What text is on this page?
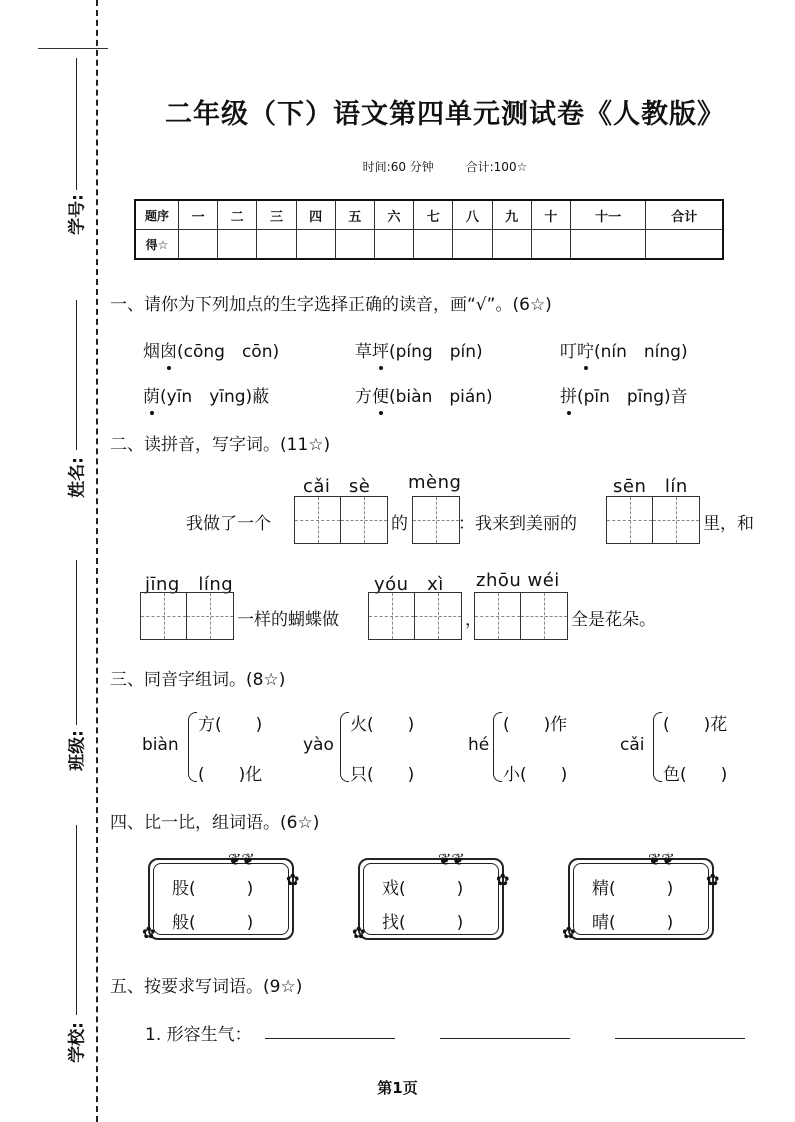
学号:
姓名:
班级:
学校:
二年级（下）语文第四单元测试卷《人教版》
时间:60 分钟	合计:100☆
题序	一	二	三	四	五	六	七	八	九	十	十一	合计
得☆												
一、请你为下列加点的生字选择正确的读音，画“√”。(6☆)
烟囱(cōng　cōn)	草坪(píng　pín)	叮咛(nín　níng)
荫(yīn　yīng)蔽	方便(biàn　pián)	拼(pīn　pīng)音
二、读拼音，写字词。(11☆)
cǎi　sè mèng	sēn　lín
我做了一个	的	：我来到美丽的	里，和
jīng　líng	yóu　xì zhōu wéi
一样的蝴蝶做	，	全是花朵。
三、同音字组词。(8☆)
biàn
方(　　)
(　　)化
yào
火(　　)
只(　　)
hé
(　　)作
小(　　)
cǎi
(　　)花
色(　　)
四、比一比，组词语。(6☆)
股(　　　)
般(　　　)
❦❦
✿
✿
戏(　　　)
找(　　　)
❦❦
✿
✿
精(　　　)
晴(　　　)
❦❦
✿
✿
五、按要求写词语。(9☆)
1. 形容生气：
第1页
